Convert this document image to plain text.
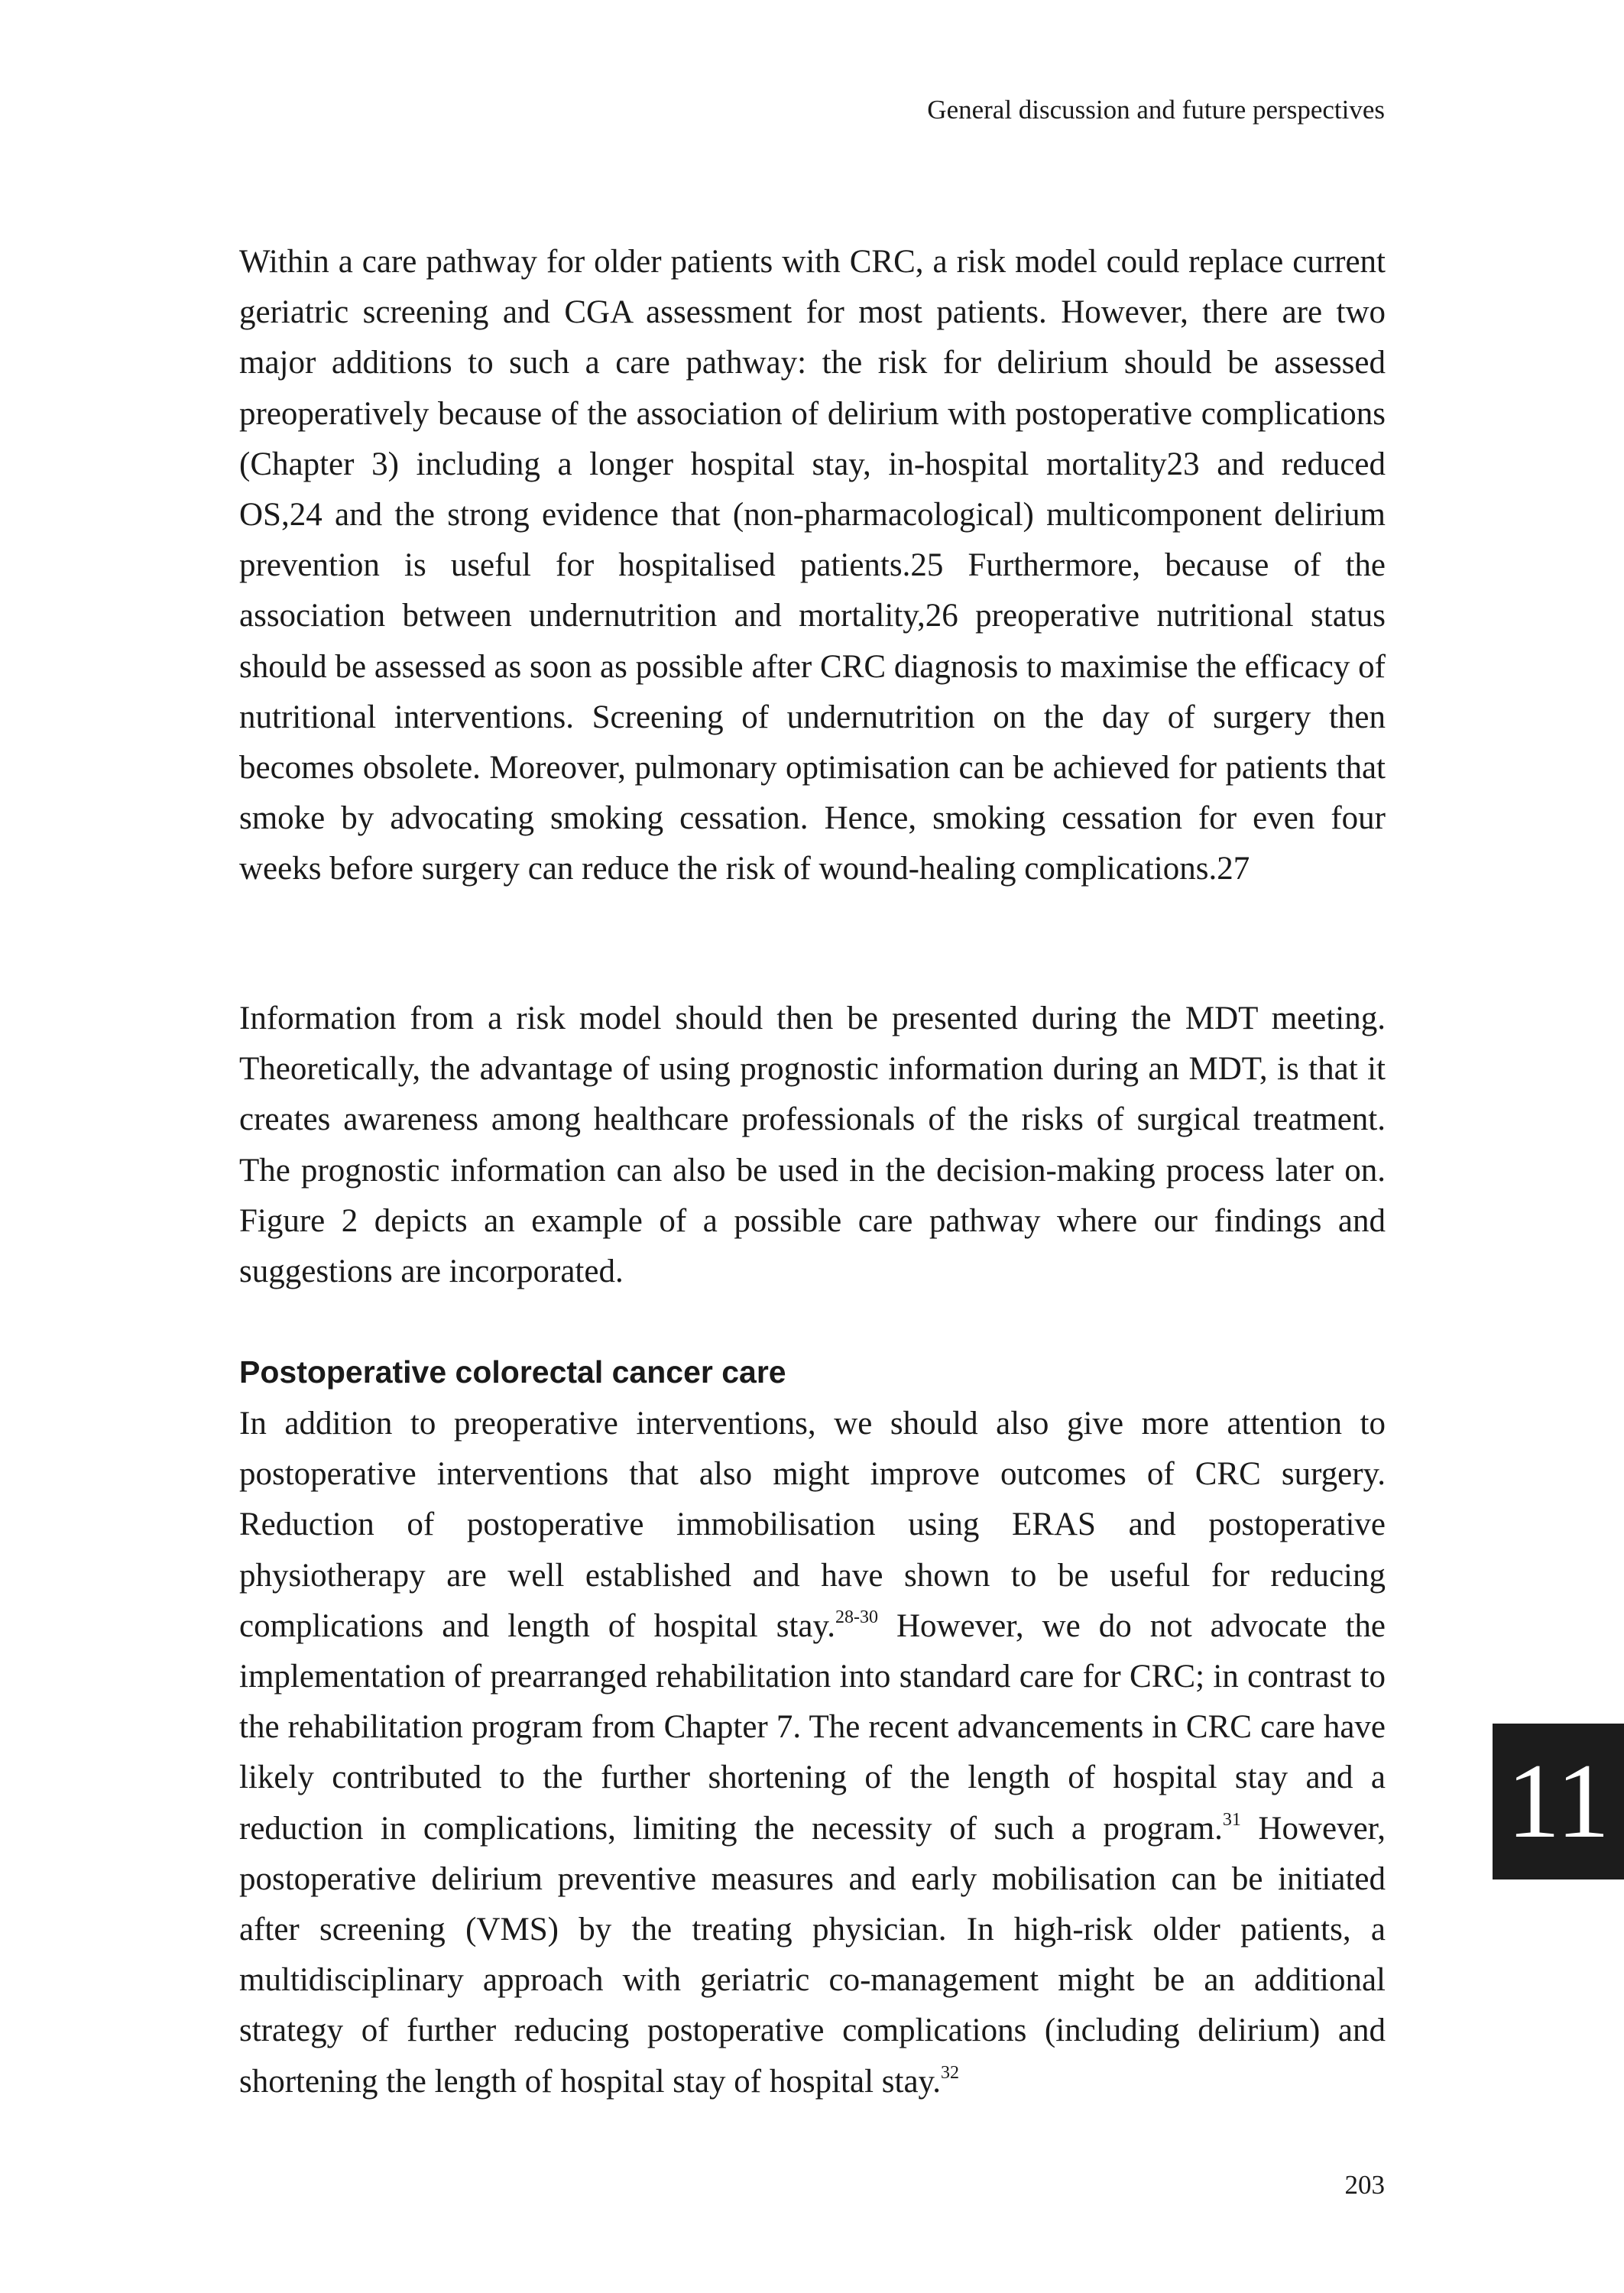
General discussion and future perspectives

Within a care pathway for older patients with CRC, a risk model could replace current geriatric screening and CGA assessment for most patients. However, there are two major additions to such a care pathway: the risk for delirium should be assessed preoperatively because of the association of delirium with postoperative complications (Chapter 3) including a longer hospital stay, in-hospital mortality23 and reduced OS,24 and the strong evidence that (non-pharmacological) multicomponent delirium prevention is useful for hospitalised patients.25 Furthermore, because of the association between undernutrition and mortality,26 preoperative nutritional status should be assessed as soon as possible after CRC diagnosis to maximise the efficacy of nutritional interventions. Screening of undernutrition on the day of surgery then becomes obsolete. Moreover, pulmonary optimisation can be achieved for patients that smoke by advocating smoking cessation. Hence, smoking cessation for even four weeks before surgery can reduce the risk of wound-healing complications.27

Information from a risk model should then be presented during the MDT meeting. Theoretically, the advantage of using prognostic information during an MDT, is that it creates awareness among healthcare professionals of the risks of surgical treatment. The prognostic information can also be used in the decision-making process later on. Figure 2 depicts an example of a possible care pathway where our findings and suggestions are incorporated.

Postoperative colorectal cancer care

In addition to preoperative interventions, we should also give more attention to postoperative interventions that also might improve outcomes of CRC surgery. Reduction of postoperative immobilisation using ERAS and postoperative physiotherapy are well established and have shown to be useful for reducing complications and length of hospital stay.$^{28-30}$ However, we do not advocate the implementation of prearranged rehabilitation into standard care for CRC; in contrast to the rehabilitation program from Chapter 7. The recent advancements in CRC care have likely contributed to the further shortening of the length of hospital stay and a reduction in complications, limiting the necessity of such a program.$^{31}$ However, postoperative delirium preventive measures and early mobilisation can be initiated after screening (VMS) by the treating physician. In high-risk older patients, a multidisciplinary approach with geriatric co-management might be an additional strategy of further reducing postoperative complications (including delirium) and shortening the length of hospital stay of hospital stay.$^{32}$

11
203
